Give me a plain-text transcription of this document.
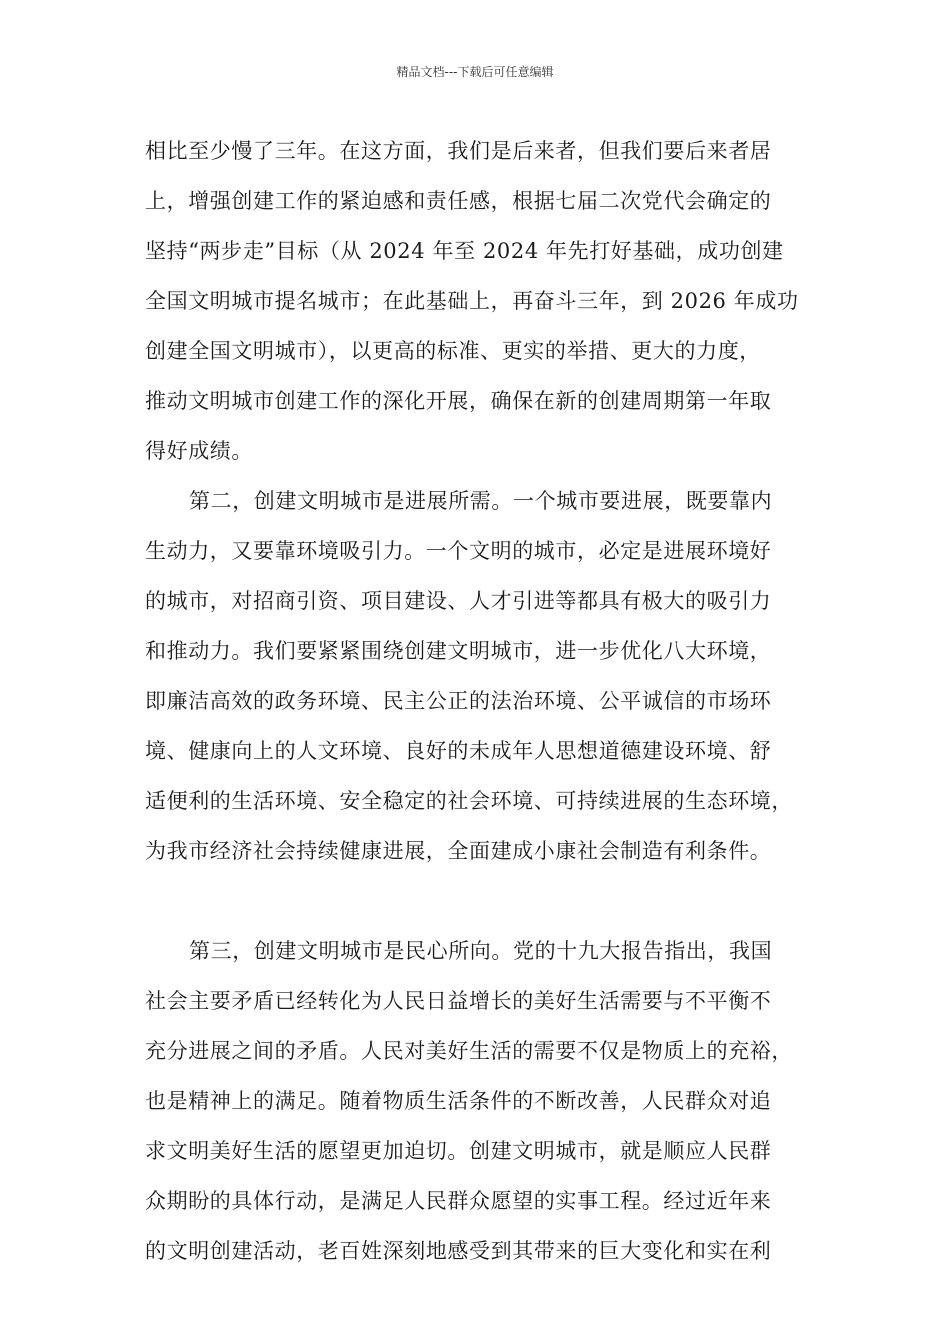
精品文档---下载后可任意编辑
相比至少慢了三年。在这方面，我们是后来者，但我们要后来者居
上，增强创建工作的紧迫感和责任感，根据七届二次党代会确定的
坚持“两步走”目标（从 2024 年至 2024 年先打好基础，成功创建
全国文明城市提名城市；在此基础上，再奋斗三年，到 2026 年成功
创建全国文明城市），以更高的标准、更实的举措、更大的力度，
推动文明城市创建工作的深化开展，确保在新的创建周期第一年取
得好成绩。
第二，创建文明城市是进展所需。一个城市要进展，既要靠内
生动力，又要靠环境吸引力。一个文明的城市，必定是进展环境好
的城市，对招商引资、项目建设、人才引进等都具有极大的吸引力
和推动力。我们要紧紧围绕创建文明城市，进一步优化八大环境，
即廉洁高效的政务环境、民主公正的法治环境、公平诚信的市场环
境、健康向上的人文环境、良好的未成年人思想道德建设环境、舒
适便利的生活环境、安全稳定的社会环境、可持续进展的生态环境，
为我市经济社会持续健康进展，全面建成小康社会制造有利条件。
第三，创建文明城市是民心所向。党的十九大报告指出，我国
社会主要矛盾已经转化为人民日益增长的美好生活需要与不平衡不
充分进展之间的矛盾。人民对美好生活的需要不仅是物质上的充裕，
也是精神上的满足。随着物质生活条件的不断改善，人民群众对追
求文明美好生活的愿望更加迫切。创建文明城市，就是顺应人民群
众期盼的具体行动，是满足人民群众愿望的实事工程。经过近年来
的文明创建活动，老百姓深刻地感受到其带来的巨大变化和实在利
